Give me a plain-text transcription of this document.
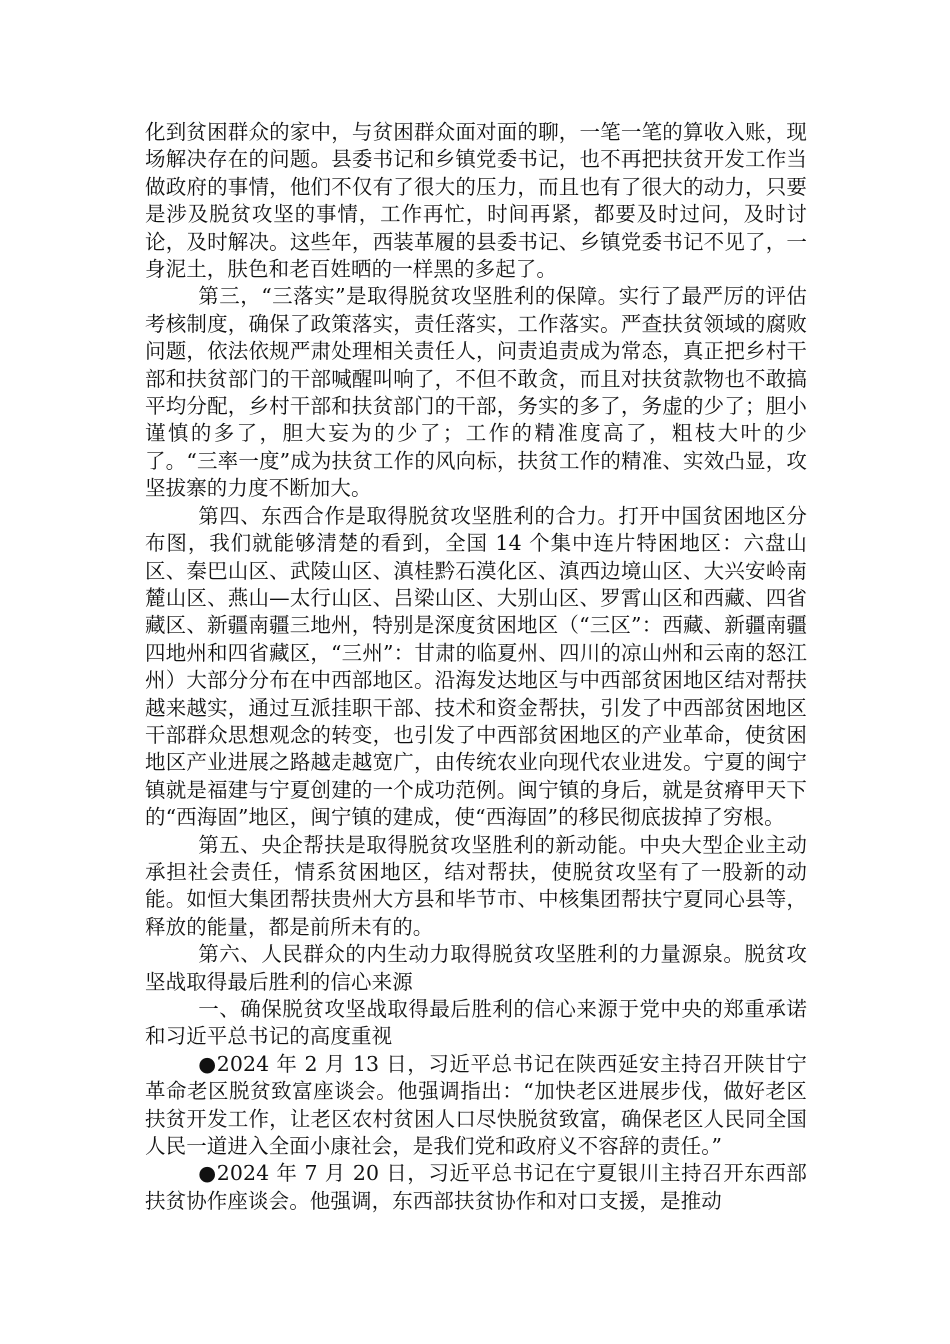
化到贫困群众的家中，与贫困群众面对面的聊，一笔一笔的算收入账，现场解决存在的问题。县委书记和乡镇党委书记，也不再把扶贫开发工作当做政府的事情，他们不仅有了很大的压力，而且也有了很大的动力，只要是涉及脱贫攻坚的事情，工作再忙，时间再紧，都要及时过问，及时讨论，及时解决。这些年，西装革履的县委书记、乡镇党委书记不见了，一身泥土，肤色和老百姓晒的一样黑的多起了。

第三，“三落实”是取得脱贫攻坚胜利的保障。实行了最严厉的评估考核制度，确保了政策落实，责任落实，工作落实。严查扶贫领域的腐败问题，依法依规严肃处理相关责任人，问责追责成为常态，真正把乡村干部和扶贫部门的干部喊醒叫响了，不但不敢贪，而且对扶贫款物也不敢搞平均分配，乡村干部和扶贫部门的干部，务实的多了，务虚的少了；胆小谨慎的多了，胆大妄为的少了；工作的精准度高了，粗枝大叶的少了。“三率一度”成为扶贫工作的风向标，扶贫工作的精准、实效凸显，攻坚拔寨的力度不断加大。

第四、东西合作是取得脱贫攻坚胜利的合力。打开中国贫困地区分布图，我们就能够清楚的看到，全国 14 个集中连片特困地区：六盘山区、秦巴山区、武陵山区、滇桂黔石漠化区、滇西边境山区、大兴安岭南麓山区、燕山—太行山区、吕梁山区、大别山区、罗霄山区和西藏、四省藏区、新疆南疆三地州，特别是深度贫困地区（“三区”：西藏、新疆南疆四地州和四省藏区，“三州”：甘肃的临夏州、四川的凉山州和云南的怒江州）大部分分布在中西部地区。沿海发达地区与中西部贫困地区结对帮扶越来越实，通过互派挂职干部、技术和资金帮扶，引发了中西部贫困地区干部群众思想观念的转变，也引发了中西部贫困地区的产业革命，使贫困地区产业进展之路越走越宽广，由传统农业向现代农业进发。宁夏的闽宁镇就是福建与宁夏创建的一个成功范例。闽宁镇的身后，就是贫瘠甲天下的“西海固”地区，闽宁镇的建成，使“西海固”的移民彻底拔掉了穷根。

第五、央企帮扶是取得脱贫攻坚胜利的新动能。中央大型企业主动承担社会责任，情系贫困地区，结对帮扶，使脱贫攻坚有了一股新的动能。如恒大集团帮扶贵州大方县和毕节市、中核集团帮扶宁夏同心县等，释放的能量，都是前所未有的。

第六、人民群众的内生动力取得脱贫攻坚胜利的力量源泉。脱贫攻坚战取得最后胜利的信心来源

一、确保脱贫攻坚战取得最后胜利的信心来源于党中央的郑重承诺和习近平总书记的高度重视

●2024 年 2 月 13 日，习近平总书记在陕西延安主持召开陕甘宁革命老区脱贫致富座谈会。他强调指出：“加快老区进展步伐，做好老区扶贫开发工作，让老区农村贫困人口尽快脱贫致富，确保老区人民同全国人民一道进入全面小康社会，是我们党和政府义不容辞的责任。”

●2024 年 7 月 20 日，习近平总书记在宁夏银川主持召开东西部扶贫协作座谈会。他强调，东西部扶贫协作和对口支援，是推动
